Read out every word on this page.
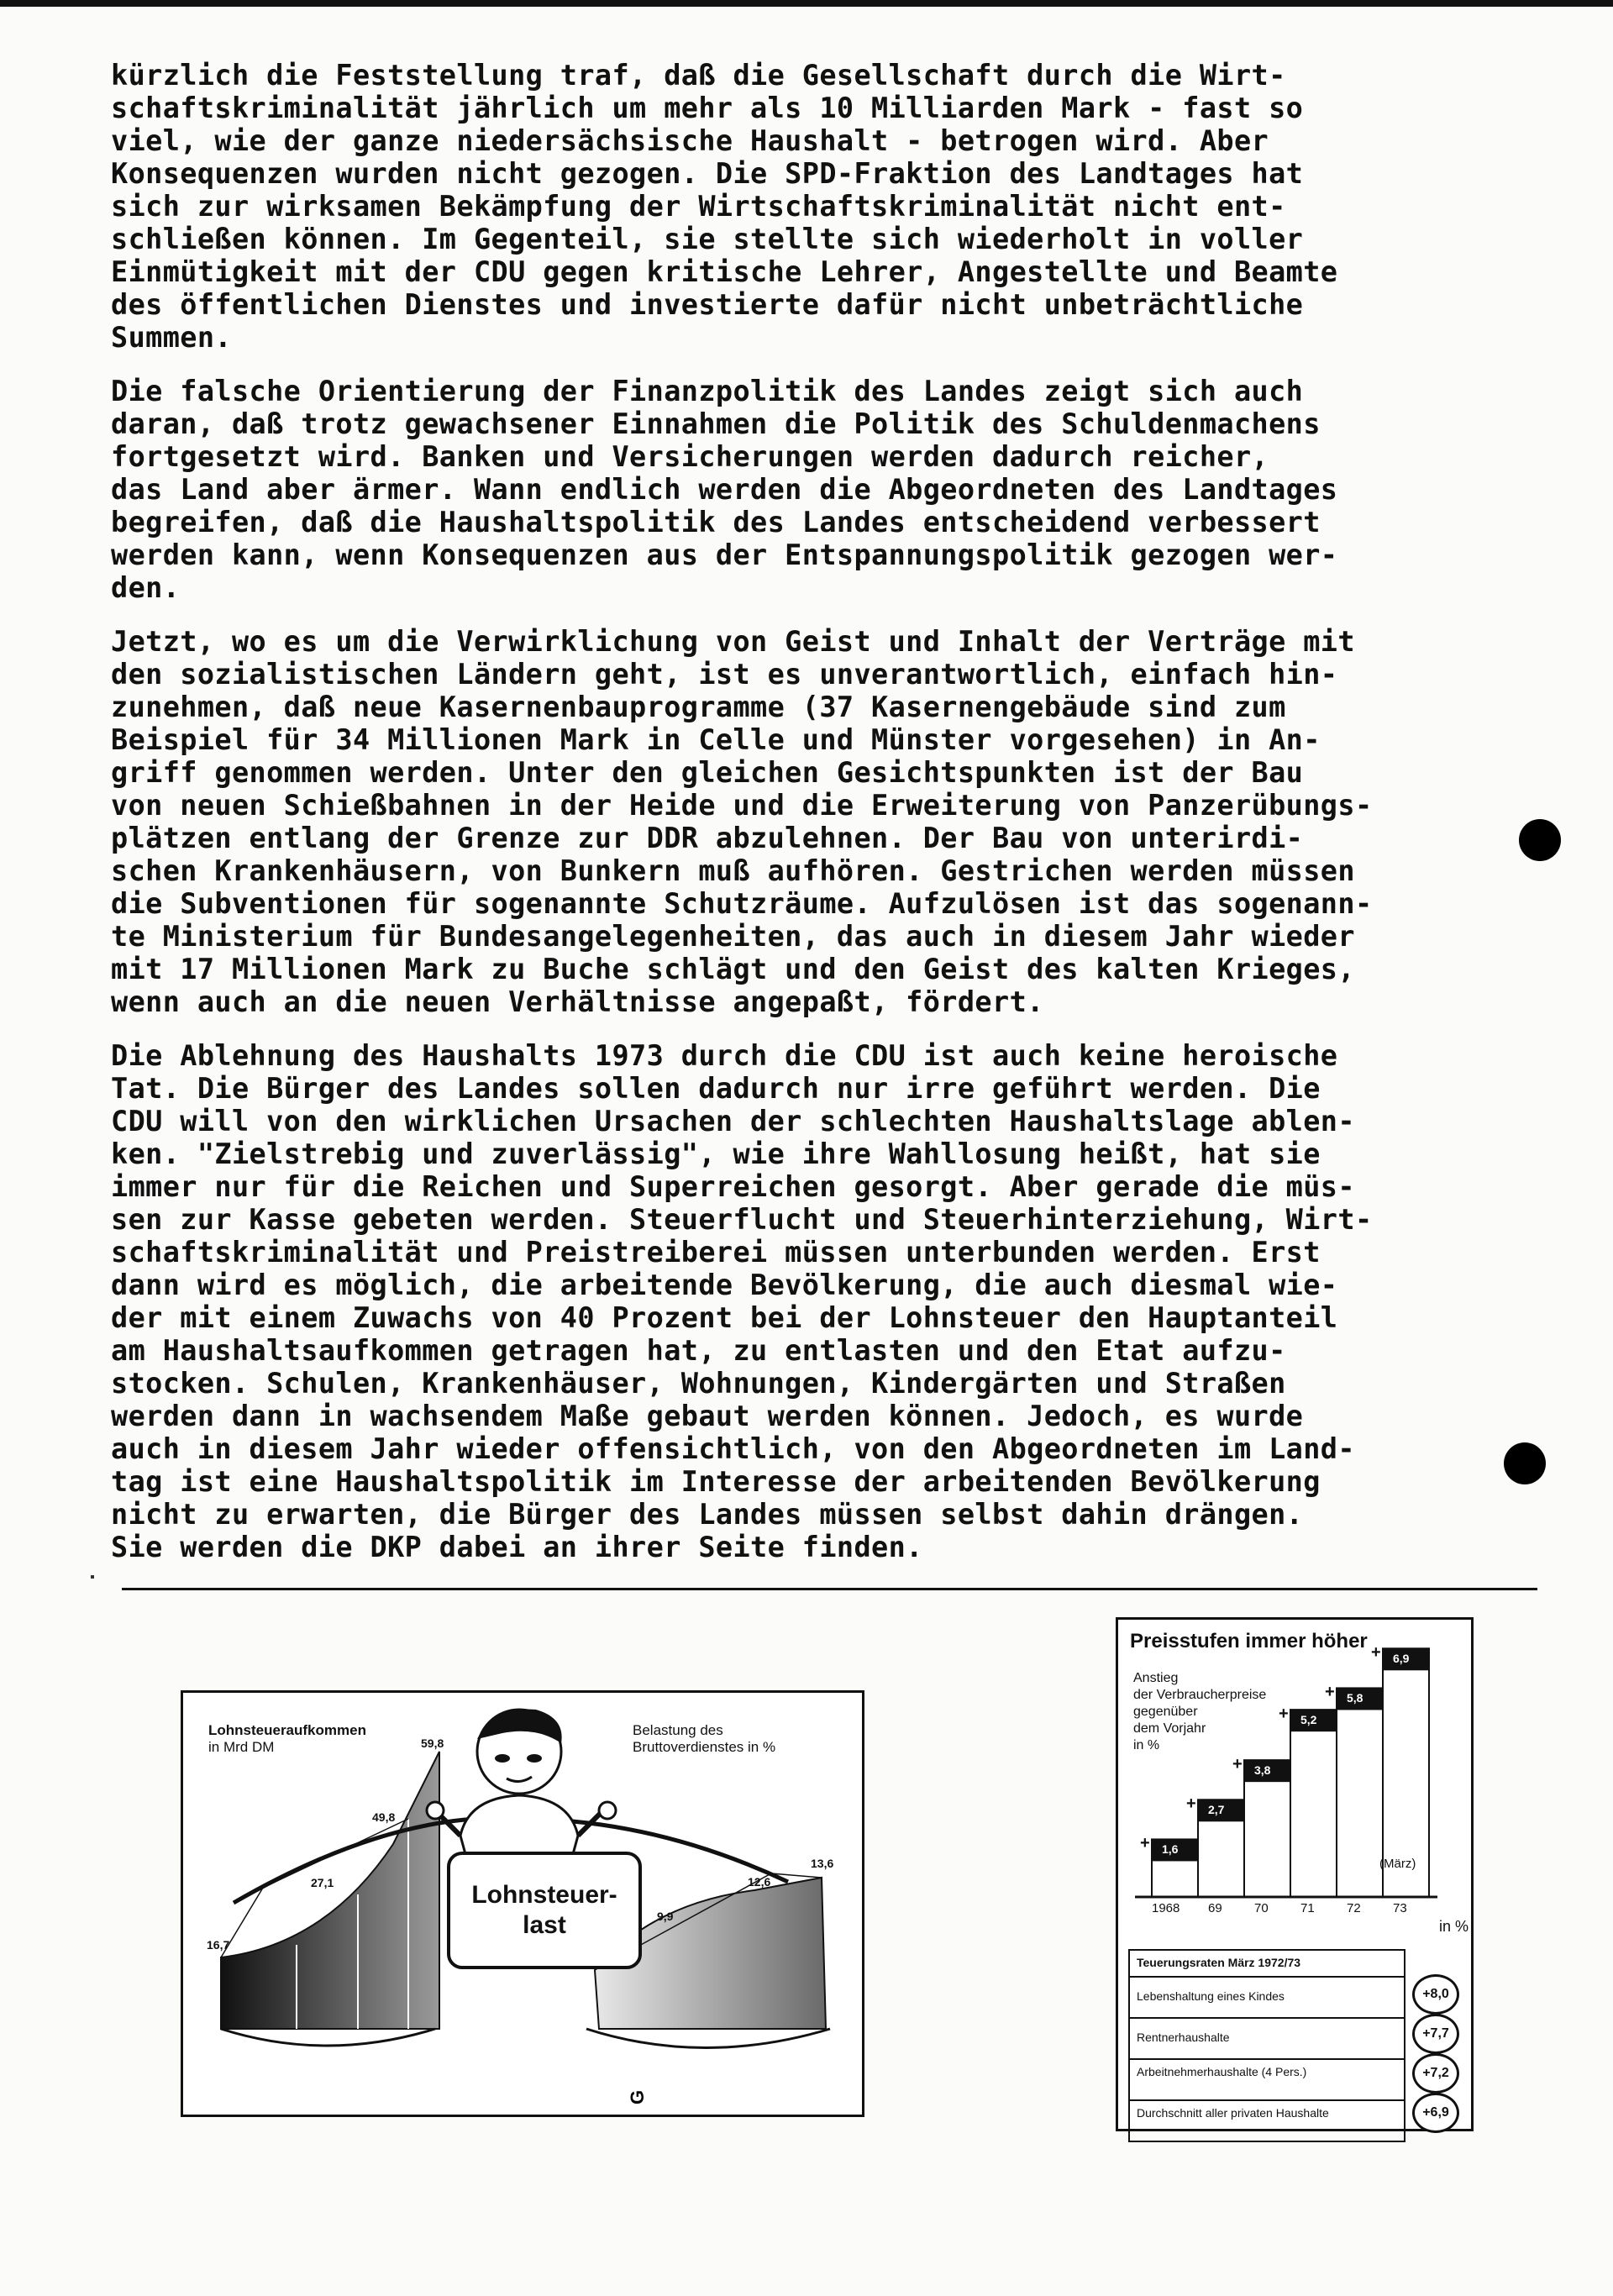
kürzlich die Feststellung traf, daß die Gesellschaft durch die Wirt-
schaftskriminalität jährlich um mehr als 10 Milliarden Mark - fast so
viel, wie der ganze niedersächsische Haushalt - betrogen wird. Aber
Konsequenzen wurden nicht gezogen. Die SPD-Fraktion des Landtages hat
sich zur wirksamen Bekämpfung der Wirtschaftskriminalität nicht ent-
schließen können. Im Gegenteil, sie stellte sich wiederholt in voller
Einmütigkeit mit der CDU gegen kritische Lehrer, Angestellte und Beamte
des öffentlichen Dienstes und investierte dafür nicht unbeträchtliche
Summen.
Die falsche Orientierung der Finanzpolitik des Landes zeigt sich auch
daran, daß trotz gewachsener Einnahmen die Politik des Schuldenmachens
fortgesetzt wird. Banken und Versicherungen werden dadurch reicher,
das Land aber ärmer. Wann endlich werden die Abgeordneten des Landtages
begreifen, daß die Haushaltspolitik des Landes entscheidend verbessert
werden kann, wenn Konsequenzen aus der Entspannungspolitik gezogen wer-
den.
Jetzt, wo es um die Verwirklichung von Geist und Inhalt der Verträge mit
den sozialistischen Ländern geht, ist es unverantwortlich, einfach hin-
zunehmen, daß neue Kasernenbauprogramme (37 Kasernengebäude sind zum
Beispiel für 34 Millionen Mark in Celle und Münster vorgesehen) in An-
griff genommen werden. Unter den gleichen Gesichtspunkten ist der Bau
von neuen Schießbahnen in der Heide und die Erweiterung von Panzerübungs-
plätzen entlang der Grenze zur DDR abzulehnen. Der Bau von unterirdi-
schen Krankenhäusern, von Bunkern muß aufhören. Gestrichen werden müssen
die Subventionen für sogenannte Schutzräume. Aufzulösen ist das sogenann-
te Ministerium für Bundesangelegenheiten, das auch in diesem Jahr wieder
mit 17 Millionen Mark zu Buche schlägt und den Geist des kalten Krieges,
wenn auch an die neuen Verhältnisse angepaßt, fördert.
Die Ablehnung des Haushalts 1973 durch die CDU ist auch keine heroische
Tat. Die Bürger des Landes sollen dadurch nur irre geführt werden. Die
CDU will von den wirklichen Ursachen der schlechten Haushaltslage ablen-
ken. "Zielstrebig und zuverlässig", wie ihre Wahllosung heißt, hat sie
immer nur für die Reichen und Superreichen gesorgt. Aber gerade die müs-
sen zur Kasse gebeten werden. Steuerflucht und Steuerhinterziehung, Wirt-
schaftskriminalität und Preistreiberei müssen unterbunden werden. Erst
dann wird es möglich, die arbeitende Bevölkerung, die auch diesmal wie-
der mit einem Zuwachs von 40 Prozent bei der Lohnsteuer den Hauptanteil
am Haushaltsaufkommen getragen hat, zu entlasten und den Etat aufzu-
stocken. Schulen, Krankenhäuser, Wohnungen, Kindergärten und Straßen
werden dann in wachsendem Maße gebaut werden können. Jedoch, es wurde
auch in diesem Jahr wieder offensichtlich, von den Abgeordneten im Land-
tag ist eine Haushaltspolitik im Interesse der arbeitenden Bevölkerung
nicht zu erwarten, die Bürger des Landes müssen selbst dahin drängen.
Sie werden die DKP dabei an ihrer Seite finden.
G
Lohnsteueraufkommen
in Mrd DM
Belastung des
Bruttoverdienstes in %
16,7
27,1
49,8
59,8
9,9
12,6
13,6
Lohnsteuer-
last
Preisstufen immer höher
Anstieg
der Verbraucherpreise
gegenüber
dem Vorjahr
in %
1,6
+
1968
2,7
+
69
3,8
+
70
5,2
+
71
5,8
+
72
6,9
+
73
(März)
in %
Teuerungsraten März 1972/73
Lebenshaltung eines Kindes
Rentnerhaushalte
Arbeitnehmerhaushalte (4 Pers.)
Durchschnitt aller privaten Haushalte
+8,0
+7,7
+7,2
+6,9
